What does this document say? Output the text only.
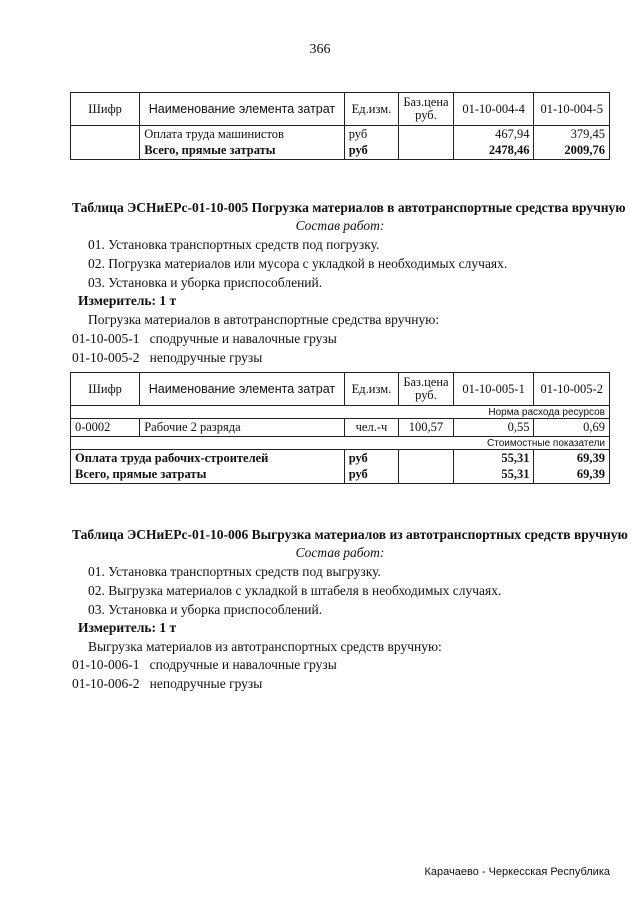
366
Шифр	Наименование элемента затрат	Ед.изм.	Баз.цена руб.	01-10-004-4	01-10-004-5
	Оплата труда машинистов	руб		467,94	379,45
	Всего, прямые затраты	руб		2478,46	2009,76
Таблица ЭСНиЕРс-01-10-005 Погрузка материалов в автотранспортные средства вручную
Состав работ:
01. Установка транспортных средств под погрузку.
02. Погрузка материалов или мусора с укладкой в необходимых случаях.
03. Установка и уборка приспособлений.
Измеритель: 1 т
Погрузка материалов в автотранспортные средства вручную:
01-10-005-1 сподручные и навалочные грузы
01-10-005-2 неподручные грузы
Шифр	Наименование элемента затрат	Ед.изм.	Баз.цена руб.	01-10-005-1	01-10-005-2
Норма расхода ресурсов					
0-0002	Рабочие 2 разряда	чел.-ч	100,57	0,55	0,69
Стоимостные показатели					
Оплата труда рабочих-строителей		руб		55,31	69,39
Всего, прямые затраты		руб		55,31	69,39
Таблица ЭСНиЕРс-01-10-006 Выгрузка материалов из автотранспортных средств вручную
Состав работ:
01. Установка транспортных средств под выгрузку.
02. Выгрузка материалов с укладкой в штабеля в необходимых случаях.
03. Установка и уборка приспособлений.
Измеритель: 1 т
Выгрузка материалов из автотранспортных средств вручную:
01-10-006-1 сподручные и навалочные грузы
01-10-006-2 неподручные грузы
Карачаево - Черкесская Республика
